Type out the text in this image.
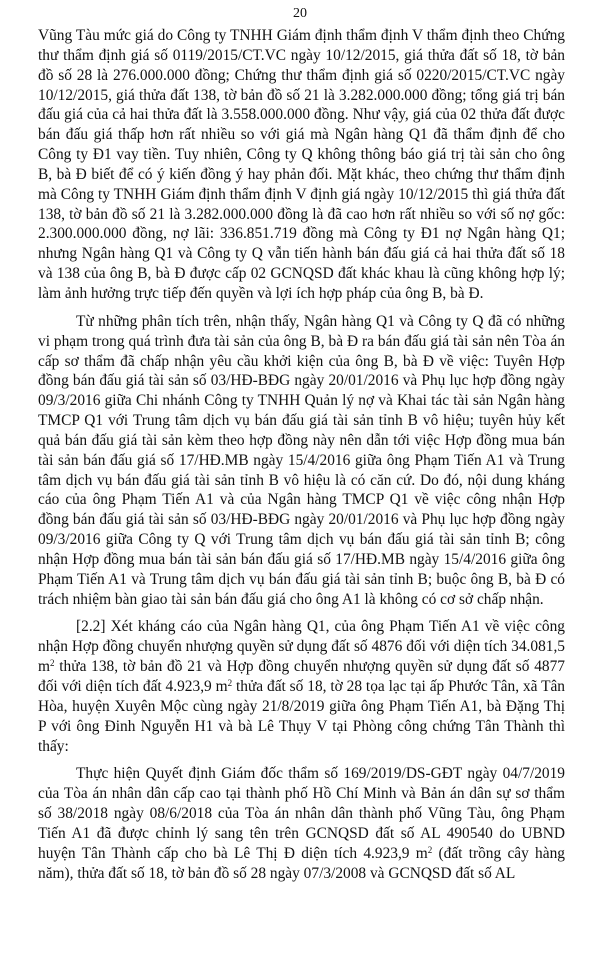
20

Vũng Tàu mức giá do Công ty TNHH Giám định thẩm định V thẩm định theo Chứng thư thẩm định giá số 0119/2015/CT.VC ngày 10/12/2015, giá thửa đất số 18, tờ bản đồ số 28 là 276.000.000 đồng; Chứng thư thẩm định giá số 0220/2015/CT.VC ngày 10/12/2015, giá thửa đất 138, tờ bản đồ số 21 là 3.282.000.000 đồng; tổng giá trị bán đấu giá của cả hai thửa đất là 3.558.000.000 đồng. Như vậy, giá của 02 thửa đất được bán đấu giá thấp hơn rất nhiều so với giá mà Ngân hàng Q1 đã thẩm định để cho Công ty Đ1 vay tiền. Tuy nhiên, Công ty Q không thông báo giá trị tài sản cho ông B, bà Đ biết để có ý kiến đồng ý hay phản đối. Mặt khác, theo chứng thư thẩm định mà Công ty TNHH Giám định thẩm định V định giá ngày 10/12/2015 thì giá thửa đất 138, tờ bản đồ số 21 là 3.282.000.000 đồng là đã cao hơn rất nhiều so với số nợ gốc: 2.300.000.000 đồng, nợ lãi: 336.851.719 đồng mà Công ty Đ1 nợ Ngân hàng Q1; nhưng Ngân hàng Q1 và Công ty Q vẫn tiến hành bán đấu giá cả hai thửa đất số 18 và 138 của ông B, bà Đ được cấp 02 GCNQSD đất khác khau là cũng không hợp lý; làm ảnh hưởng trực tiếp đến quyền và lợi ích hợp pháp của ông B, bà Đ.

Từ những phân tích trên, nhận thấy, Ngân hàng Q1 và Công ty Q đã có những vi phạm trong quá trình đưa tài sản của ông B, bà Đ ra bán đấu giá tài sản nên Tòa án cấp sơ thẩm đã chấp nhận yêu cầu khởi kiện của ông B, bà Đ về việc: Tuyên Hợp đồng bán đấu giá tài sản số 03/HĐ-BĐG ngày 20/01/2016 và Phụ lục hợp đồng ngày 09/3/2016 giữa Chi nhánh Công ty TNHH Quản lý nợ và Khai tác tài sản Ngân hàng TMCP Q1 với Trung tâm dịch vụ bán đấu giá tài sản tỉnh B vô hiệu; tuyên hủy kết quả bán đấu giá tài sản kèm theo hợp đồng này nên dẫn tới việc Hợp đồng mua bán tài sản bán đấu giá số 17/HĐ.MB ngày 15/4/2016 giữa ông Phạm Tiến A1 và Trung tâm dịch vụ bán đấu giá tài sản tỉnh B vô hiệu là có căn cứ. Do đó, nội dung kháng cáo của ông Phạm Tiến A1 và của Ngân hàng TMCP Q1 về việc công nhận Hợp đồng bán đấu giá tài sản số 03/HĐ-BĐG ngày 20/01/2016 và Phụ lục hợp đồng ngày 09/3/2016 giữa Công ty Q với Trung tâm dịch vụ bán đấu giá tài sản tỉnh B; công nhận Hợp đồng mua bán tài sản bán đấu giá số 17/HĐ.MB ngày 15/4/2016 giữa ông Phạm Tiến A1 và Trung tâm dịch vụ bán đấu giá tài sản tỉnh B; buộc ông B, bà Đ có trách nhiệm bàn giao tài sản bán đấu giá cho ông A1 là không có cơ sở chấp nhận.

[2.2] Xét kháng cáo của Ngân hàng Q1, của ông Phạm Tiến A1 về việc công nhận Hợp đồng chuyển nhượng quyền sử dụng đất số 4876 đối với diện tích 34.081,5 $m^2$ thửa 138, tờ bản đồ 21 và Hợp đồng chuyển nhượng quyền sử dụng đất số 4877 đối với diện tích đất 4.923,9 $m^2$ thửa đất số 18, tờ 28 tọa lạc tại ấp Phước Tân, xã Tân Hòa, huyện Xuyên Mộc cùng ngày 21/8/2019 giữa ông Phạm Tiến A1, bà Đặng Thị P với ông Đinh Nguyễn H1 và bà Lê Thụy V tại Phòng công chứng Tân Thành thì thấy:

Thực hiện Quyết định Giám đốc thẩm số 169/2019/DS-GĐT ngày 04/7/2019 của Tòa án nhân dân cấp cao tại thành phố Hồ Chí Minh và Bản án dân sự sơ thẩm số 38/2018 ngày 08/6/2018 của Tòa án nhân dân thành phố Vũng Tàu, ông Phạm Tiến A1 đã được chỉnh lý sang tên trên GCNQSD đất số AL 490540 do UBND huyện Tân Thành cấp cho bà Lê Thị Đ diện tích 4.923,9 $m^2$ (đất trồng cây hàng năm), thửa đất số 18, tờ bản đồ số 28 ngày 07/3/2008 và GCNQSD đất số AL
